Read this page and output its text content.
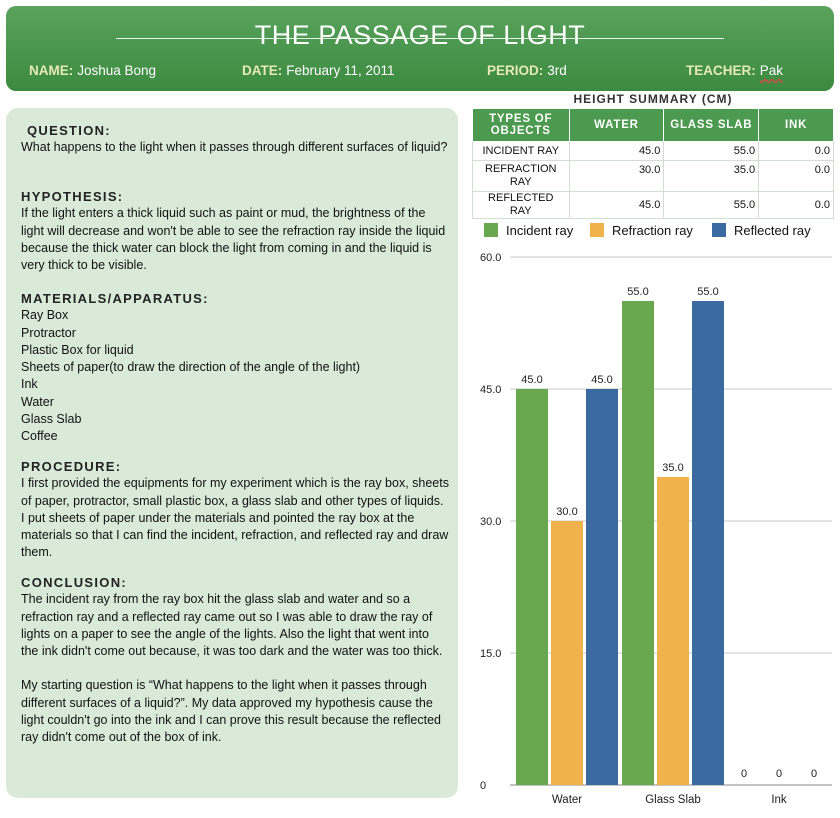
THE PASSAGE OF LIGHT
NAME: Joshua Bong	DATE: February 11, 2011	PERIOD: 3rd	TEACHER: Pak
QUESTION:
What happens to the light when it passes through different surfaces of liquid?
HYPOTHESIS:
If the light enters a thick liquid such as paint or mud, the brightness of the light will decrease and won't be able to see the refraction ray inside the liquid because the thick water can block the light from coming in and the liquid is very thick to be visible.
MATERIALS/APPARATUS:
Ray Box
Protractor
Plastic Box for liquid
Sheets of paper(to draw the direction of the angle of the light)
Ink
Water
Glass Slab
Coffee
PROCEDURE:
I first provided the equipments for my experiment which is the ray box, sheets of paper, protractor, small plastic box, a glass slab and other types of liquids. I put sheets of paper under the materials and pointed the ray box at the materials so that I can find the incident, refraction, and reflected ray and draw them.
CONCLUSION:
The incident ray from the ray box hit the glass slab and water and so a refraction ray and a reflected ray came out so I was able to draw the ray of lights on a paper to see the angle of the lights. Also the light that went into the ink didn't come out because, it was too dark and the water was too thick.
My starting question is “What happens to the light when it passes through different surfaces of a liquid?”. My data approved my hypothesis cause the light couldn't go into the ink and I can prove this result because the reflected ray didn't come out of the box of ink.
HEIGHT SUMMARY (CM)
TYPES OF OBJECTS	WATER	GLASS SLAB	INK
INCIDENT RAY	45.0	55.0	0.0
REFRACTION RAY	30.0	35.0	0.0
REFLECTED RAY	45.0	55.0	0.0
Incident ray	Refraction ray	Reflected ray
0
15.0
30.0
45.0
60.0
45.0
30.0
45.0
Water
55.0
35.0
55.0
Glass Slab
0	0	0
Ink
